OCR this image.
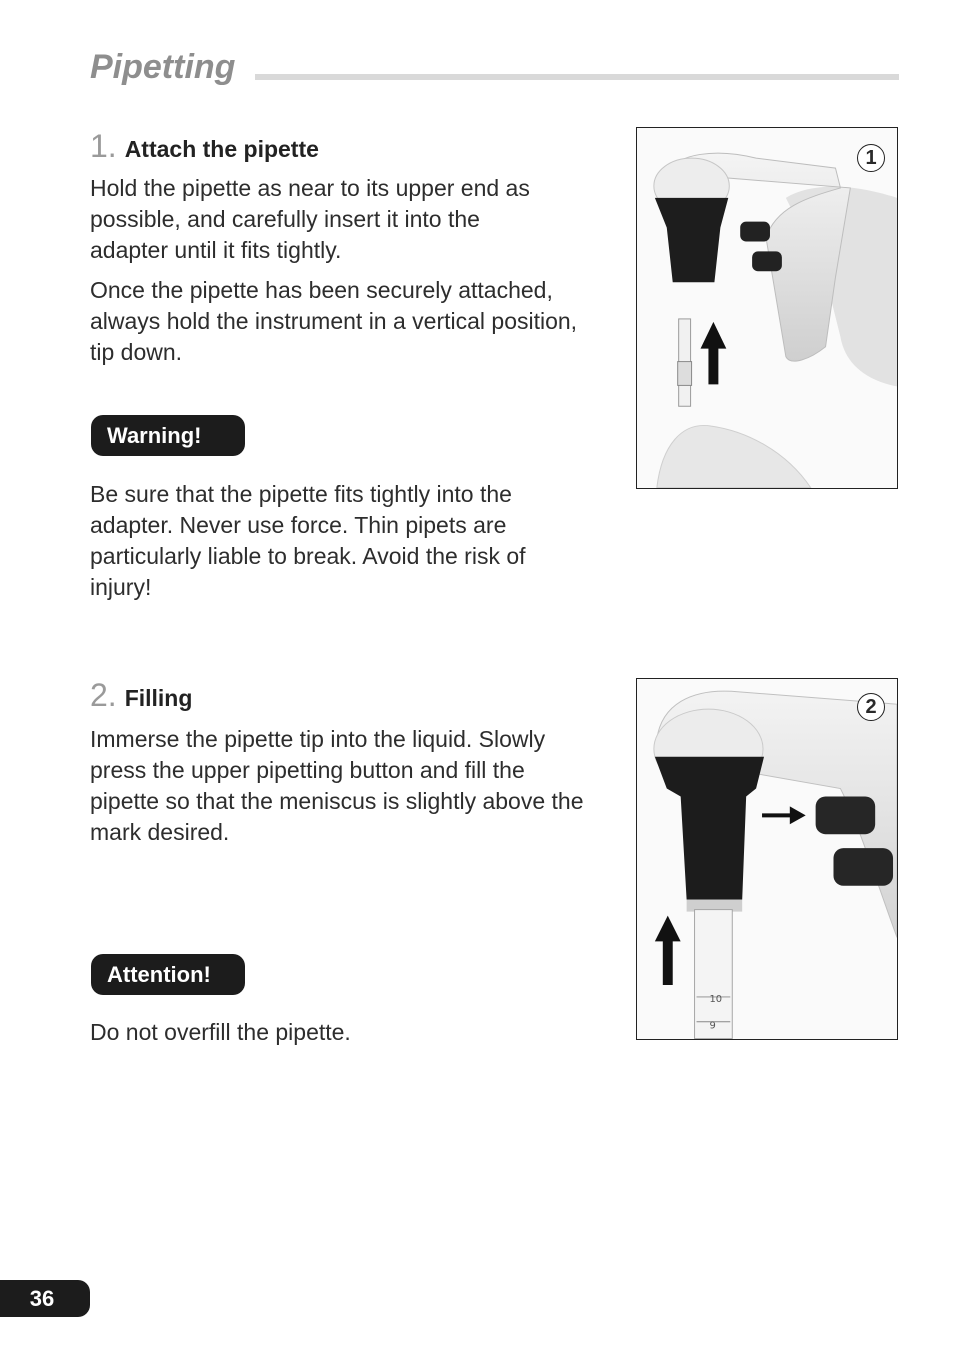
Pipetting
1. Attach the pipette

Hold the pipette as near to its upper end as possible, and carefully insert it into the adapter until it fits tightly.

Once the pipette has been securely attached, always hold the instrument in a vertical position, tip down.

Warning!

Be sure that the pipette fits tightly into the adapter. Never use force. Thin pipets are particularly liable to break. Avoid the risk of injury!

1
2. Filling

Immerse the pipette tip into the liquid. Slowly press the upper pipetting button and fill the pipette so that the meniscus is slightly above the mark desired.

Attention!

Do not overfill the pipette.

10
9
2
36
